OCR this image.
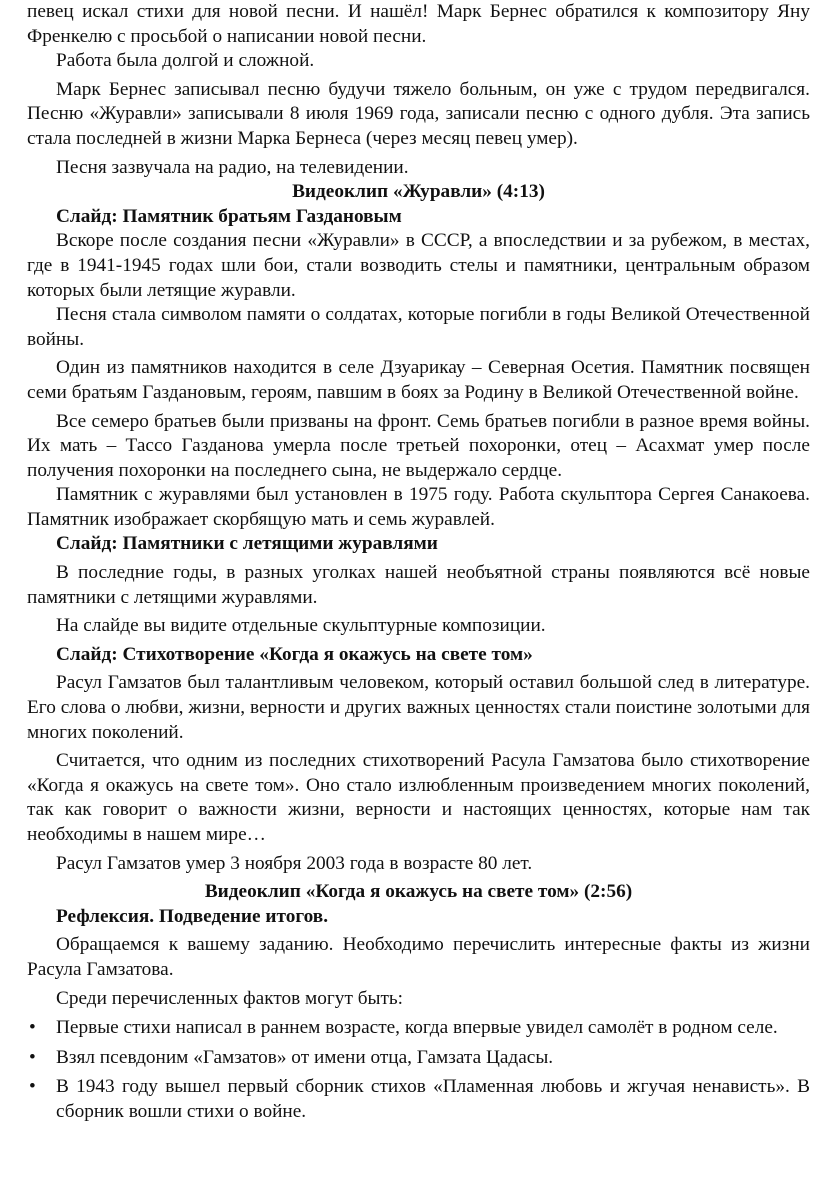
певец искал стихи для новой песни. И нашёл! Марк Бернес обратился к композитору Яну Френкелю с просьбой о написании новой песни.

Работа была долгой и сложной.

Марк Бернес записывал песню будучи тяжело больным, он уже с трудом передвигался. Песню «Журавли» записывали 8 июля 1969 года, записали песню с одного дубля. Эта запись стала последней в жизни Марка Бернеса (через месяц певец умер).

Песня зазвучала на радио, на телевидении.

Видеоклип «Журавли» (4:13)

Слайд: Памятник братьям Газдановым

Вскоре после создания песни «Журавли» в СССР, а впоследствии и за рубежом, в местах, где в 1941-1945 годах шли бои, стали возводить стелы и памятники, центральным образом которых были летящие журавли.

Песня стала символом памяти о солдатах, которые погибли в годы Великой Отечественной войны.

Один из памятников находится в селе Дзуарикау – Северная Осетия. Памятник посвящен семи братьям Газдановым, героям, павшим в боях за Родину в Великой Отечественной войне.

Все семеро братьев были призваны на фронт. Семь братьев погибли в разное время войны. Их мать – Тассо Газданова умерла после третьей похоронки, отец – Асахмат умер после получения похоронки на последнего сына, не выдержало сердце.

Памятник с журавлями был установлен в 1975 году. Работа скульптора Сергея Санакоева. Памятник изображает скорбящую мать и семь журавлей.

Слайд: Памятники с летящими журавлями

В последние годы, в разных уголках нашей необъятной страны появляются всё новые памятники с летящими журавлями.

На слайде вы видите отдельные скульптурные композиции.

Слайд: Стихотворение «Когда я окажусь на свете том»

Расул Гамзатов был талантливым человеком, который оставил большой след в литературе. Его слова о любви, жизни, верности и других важных ценностях стали поистине золотыми для многих поколений.

Считается, что одним из последних стихотворений Расула Гамзатова было стихотворение «Когда я окажусь на свете том». Оно стало излюбленным произведением многих поколений, так как говорит о важности жизни, верности и настоящих ценностях, которые нам так необходимы в нашем мире…

Расул Гамзатов умер 3 ноября 2003 года в возрасте 80 лет.

Видеоклип «Когда я окажусь на свете том» (2:56)

Рефлексия. Подведение итогов.

Обращаемся к вашему заданию. Необходимо перечислить интересные факты из жизни Расула Гамзатова.

Среди перечисленных фактов могут быть:

• Первые стихи написал в раннем возрасте, когда впервые увидел самолёт в родном селе.
• Взял псевдоним «Гамзатов» от имени отца, Гамзата Цадасы.
• В 1943 году вышел первый сборник стихов «Пламенная любовь и жгучая ненависть». В сборник вошли стихи о войне.
